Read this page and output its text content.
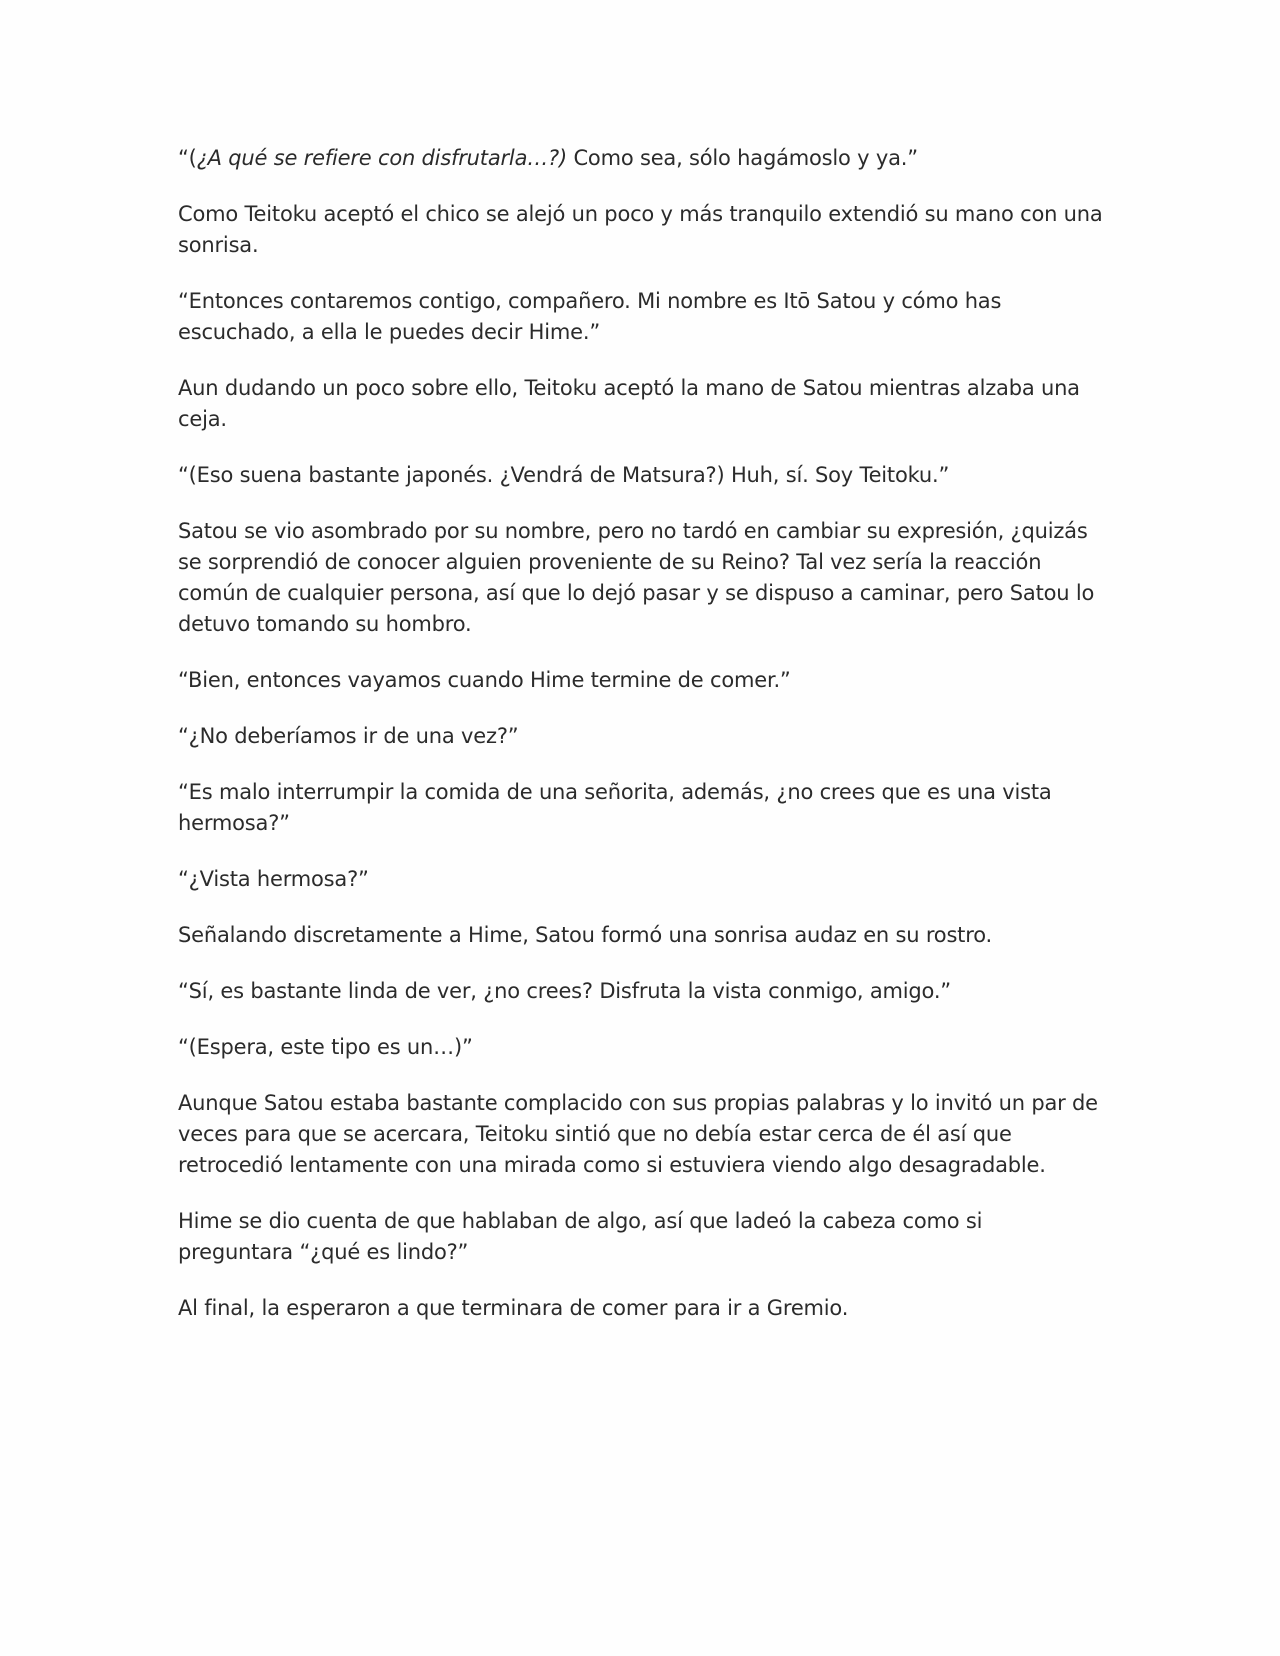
“(¿A qué se refiere con disfrutarla…?) Como sea, sólo hagámoslo y ya.”

Como Teitoku aceptó el chico se alejó un poco y más tranquilo extendió su mano con una sonrisa.

“Entonces contaremos contigo, compañero. Mi nombre es Itō Satou y cómo has escuchado, a ella le puedes decir Hime.”

Aun dudando un poco sobre ello, Teitoku aceptó la mano de Satou mientras alzaba una ceja.

“(Eso suena bastante japonés. ¿Vendrá de Matsura?) Huh, sí. Soy Teitoku.”

Satou se vio asombrado por su nombre, pero no tardó en cambiar su expresión, ¿quizás se sorprendió de conocer alguien proveniente de su Reino? Tal vez sería la reacción común de cualquier persona, así que lo dejó pasar y se dispuso a caminar, pero Satou lo detuvo tomando su hombro.

“Bien, entonces vayamos cuando Hime termine de comer.”

“¿No deberíamos ir de una vez?”

“Es malo interrumpir la comida de una señorita, además, ¿no crees que es una vista hermosa?”

“¿Vista hermosa?”

Señalando discretamente a Hime, Satou formó una sonrisa audaz en su rostro.

“Sí, es bastante linda de ver, ¿no crees? Disfruta la vista conmigo, amigo.”

“(Espera, este tipo es un…)”

Aunque Satou estaba bastante complacido con sus propias palabras y lo invitó un par de veces para que se acercara, Teitoku sintió que no debía estar cerca de él así que retrocedió lentamente con una mirada como si estuviera viendo algo desagradable.

Hime se dio cuenta de que hablaban de algo, así que ladeó la cabeza como si preguntara “¿qué es lindo?”

Al final, la esperaron a que terminara de comer para ir a Gremio.
